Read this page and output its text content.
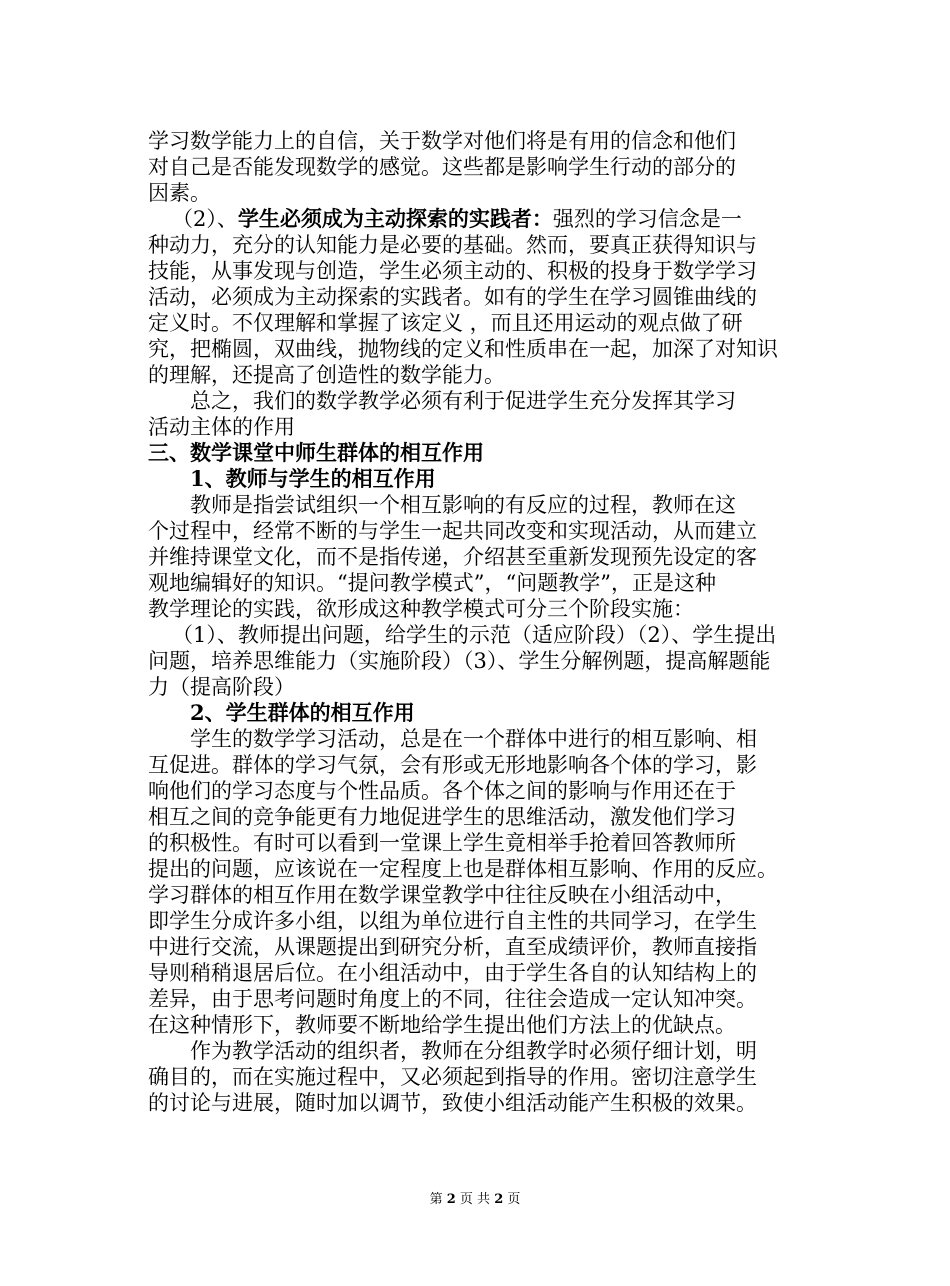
学习数学能力上的自信，关于数学对他们将是有用的信念和他们
对自己是否能发现数学的感觉。这些都是影响学生行动的部分的
因素。
（2）、学生必须成为主动探索的实践者：强烈的学习信念是一
种动力，充分的认知能力是必要的基础。然而，要真正获得知识与
技能，从事发现与创造，学生必须主动的、积极的投身于数学学习
活动，必须成为主动探索的实践者。如有的学生在学习圆锥曲线的
定义时。不仅理解和掌握了该定义 ，而且还用运动的观点做了研
究，把椭圆，双曲线，抛物线的定义和性质串在一起，加深了对知识
的理解，还提高了创造性的数学能力。
总之，我们的数学教学必须有利于促进学生充分发挥其学习
活动主体的作用
三、数学课堂中师生群体的相互作用
1、教师与学生的相互作用
教师是指尝试组织一个相互影响的有反应的过程，教师在这
个过程中，经常不断的与学生一起共同改变和实现活动，从而建立
并维持课堂文化，而不是指传递，介绍甚至重新发现预先设定的客
观地编辑好的知识。“提问教学模式”，“问题教学”，正是这种
教学理论的实践，欲形成这种教学模式可分三个阶段实施：
（1）、教师提出问题，给学生的示范（适应阶段）（2）、学生提出
问题，培养思维能力（实施阶段）（3）、学生分解例题，提高解题能
力（提高阶段）
2、学生群体的相互作用
学生的数学学习活动，总是在一个群体中进行的相互影响、相
互促进。群体的学习气氛，会有形或无形地影响各个体的学习，影
响他们的学习态度与个性品质。各个体之间的影响与作用还在于
相互之间的竞争能更有力地促进学生的思维活动，激发他们学习
的积极性。有时可以看到一堂课上学生竟相举手抢着回答教师所
提出的问题，应该说在一定程度上也是群体相互影响、作用的反应。
学习群体的相互作用在数学课堂教学中往往反映在小组活动中，
即学生分成许多小组，以组为单位进行自主性的共同学习，在学生
中进行交流，从课题提出到研究分析，直至成绩评价，教师直接指
导则稍稍退居后位。在小组活动中，由于学生各自的认知结构上的
差异，由于思考问题时角度上的不同，往往会造成一定认知冲突。
在这种情形下，教师要不断地给学生提出他们方法上的优缺点。
作为教学活动的组织者，教师在分组教学时必须仔细计划，明
确目的，而在实施过程中，又必须起到指导的作用。密切注意学生
的讨论与进展，随时加以调节，致使小组活动能产生积极的效果。
第 2 页 共 2 页
